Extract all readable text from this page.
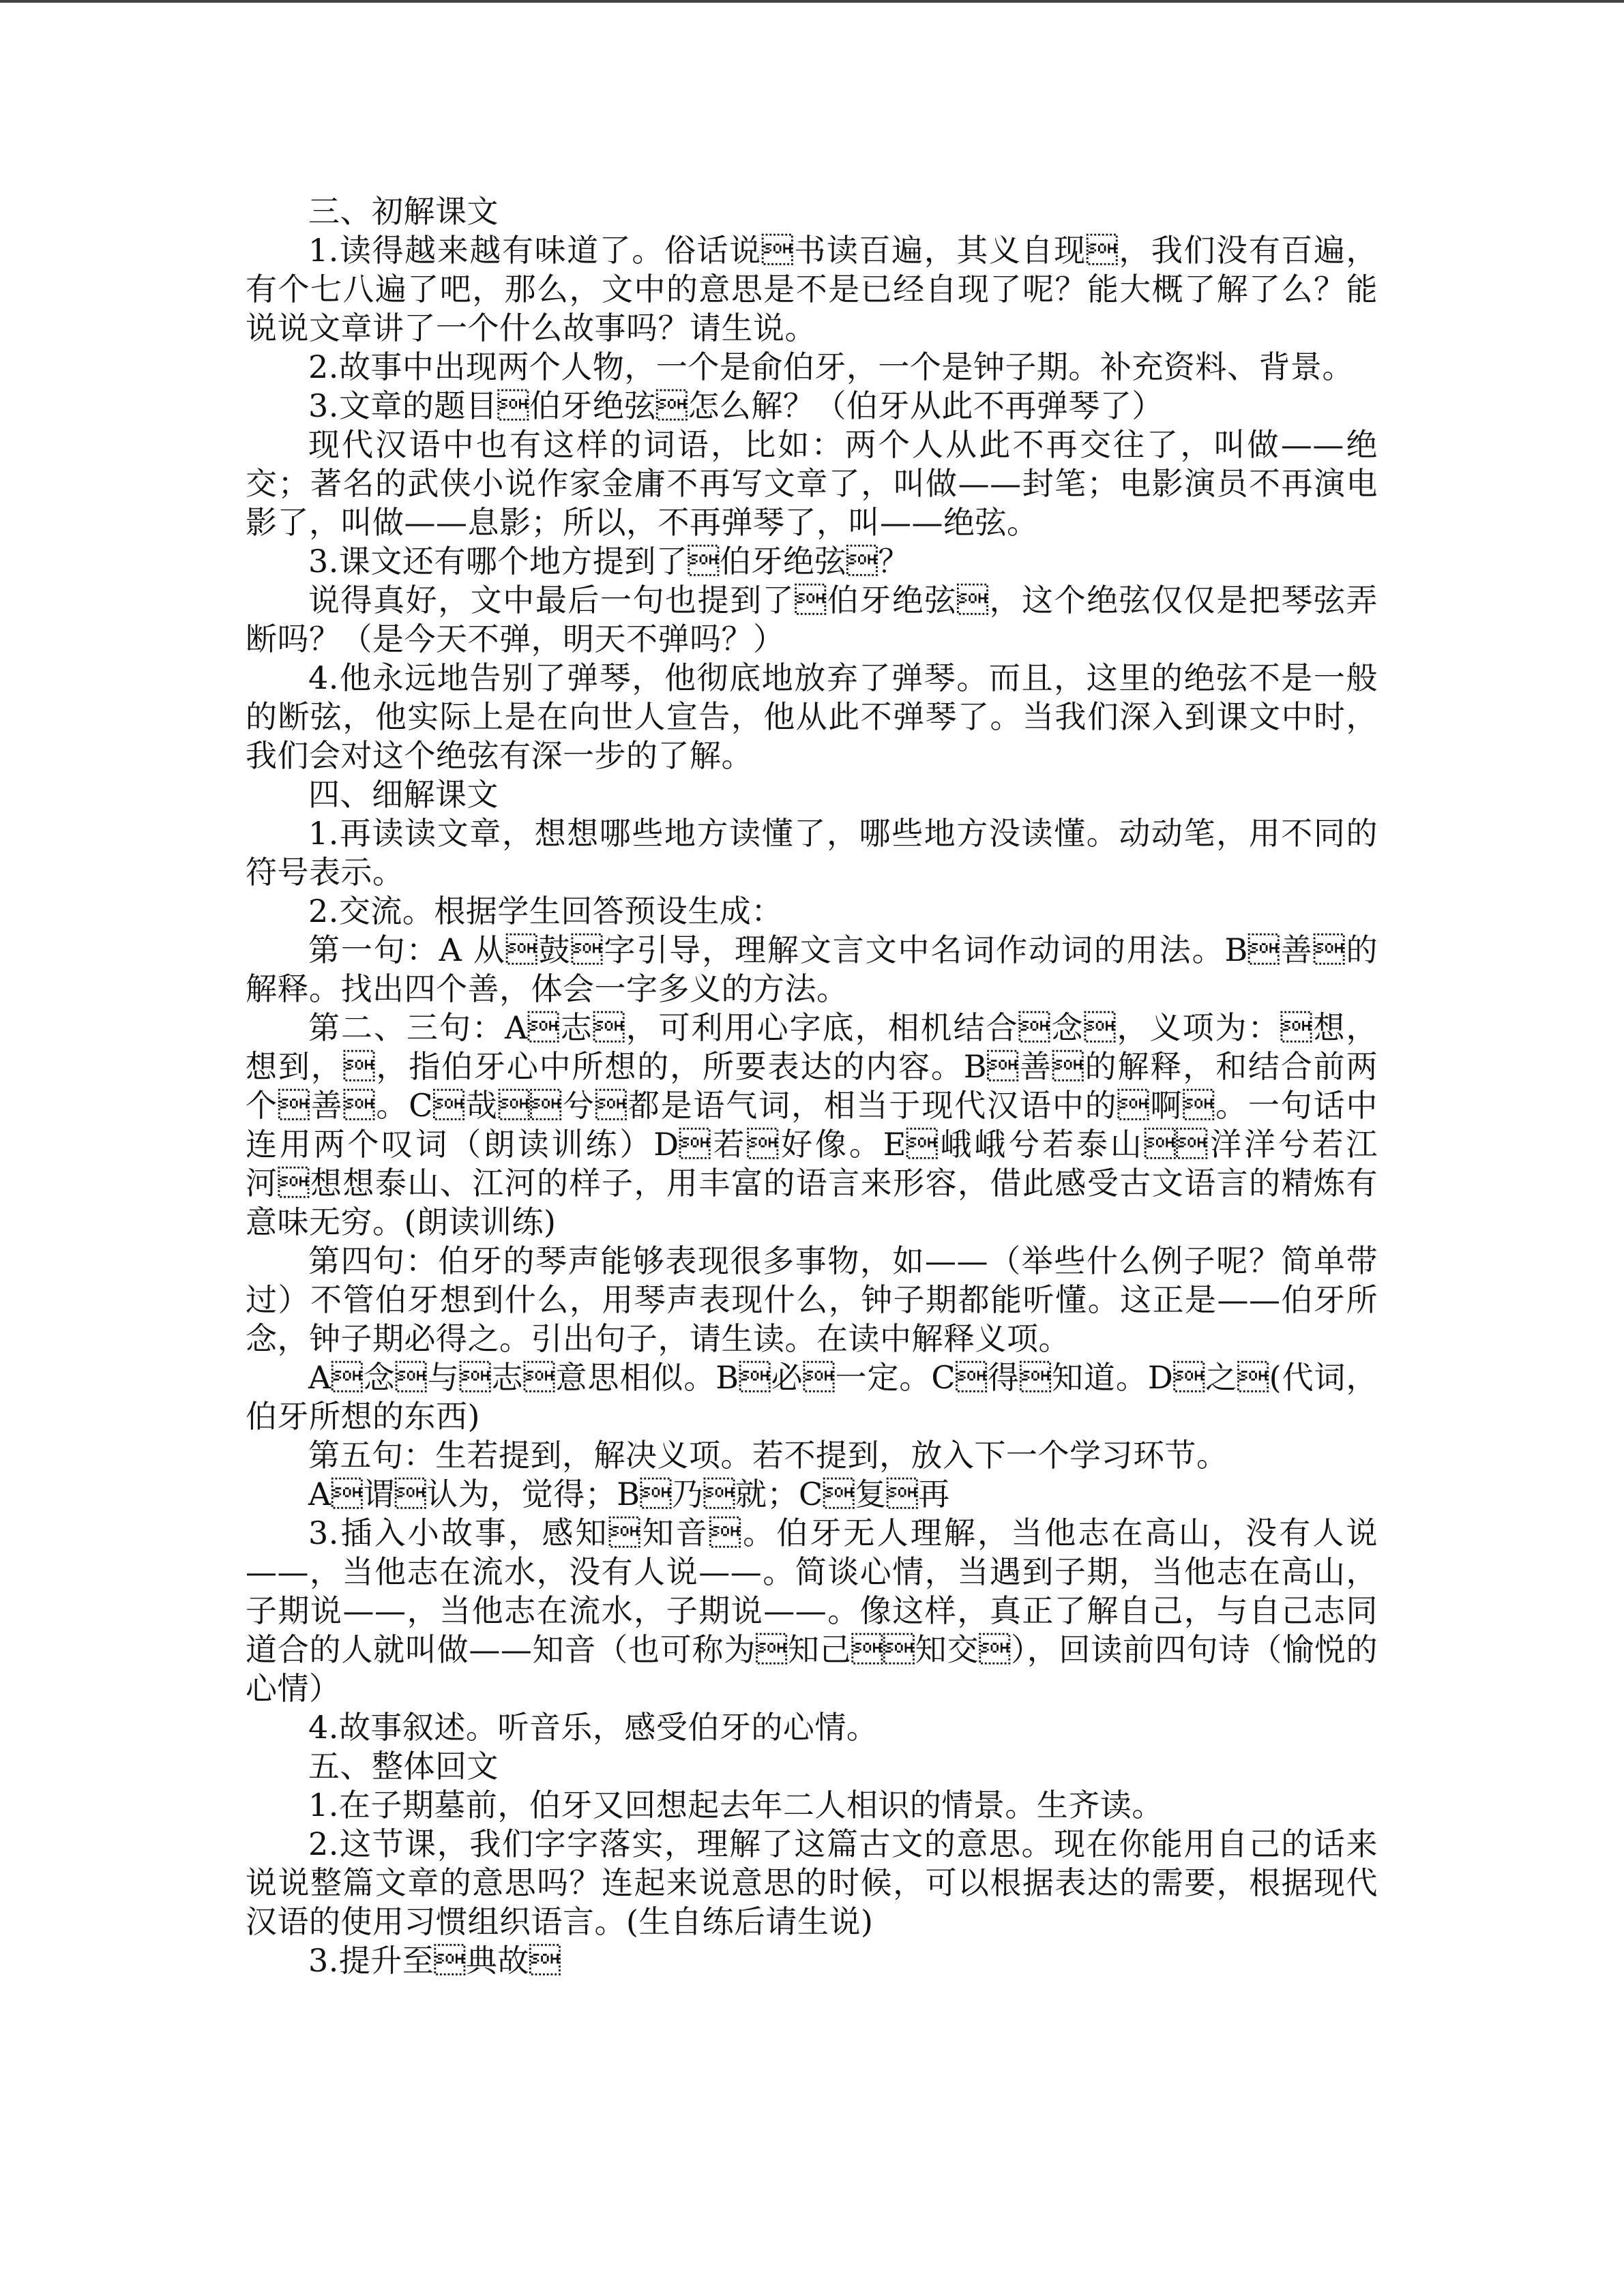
三、初解课文

1.读得越来越有味道了。俗话说书读百遍，其义自现，我们没有百遍，有个七八遍了吧，那么，文中的意思是不是已经自现了呢？能大概了解了么？能说说文章讲了一个什么故事吗？请生说。

2.故事中出现两个人物，一个是俞伯牙，一个是钟子期。补充资料、背景。

3.文章的题目伯牙绝弦怎么解？（伯牙从此不再弹琴了）

现代汉语中也有这样的词语，比如：两个人从此不再交往了，叫做——绝交；著名的武侠小说作家金庸不再写文章了，叫做——封笔；电影演员不再演电影了，叫做——息影；所以，不再弹琴了，叫——绝弦。

3.课文还有哪个地方提到了伯牙绝弦？

说得真好，文中最后一句也提到了伯牙绝弦，这个绝弦仅仅是把琴弦弄断吗？（是今天不弹，明天不弹吗？）

4.他永远地告别了弹琴，他彻底地放弃了弹琴。而且，这里的绝弦不是一般的断弦，他实际上是在向世人宣告，他从此不弹琴了。当我们深入到课文中时，我们会对这个绝弦有深一步的了解。

四、细解课文

1.再读读文章，想想哪些地方读懂了，哪些地方没读懂。动动笔，用不同的符号表示。

2.交流。根据学生回答预设生成：

第一句：A 从鼓字引导，理解文言文中名词作动词的用法。B善的解释。找出四个善，体会一字多义的方法。

第二、三句：A志，可利用心字底，相机结合念，义项为：想，想到，，指伯牙心中所想的，所要表达的内容。B善的解释，和结合前两个善。C哉兮都是语气词，相当于现代汉语中的啊。一句话中连用两个叹词（朗读训练）D若好像。E峨峨兮若泰山洋洋兮若江河想想泰山、江河的样子，用丰富的语言来形容，借此感受古文语言的精炼有意味无穷。(朗读训练)

第四句：伯牙的琴声能够表现很多事物，如——（举些什么例子呢？简单带过）不管伯牙想到什么，用琴声表现什么，钟子期都能听懂。这正是——伯牙所念，钟子期必得之。引出句子，请生读。在读中解释义项。

A念与志意思相似。B必一定。C得知道。D之(代词，伯牙所想的东西)

第五句：生若提到，解决义项。若不提到，放入下一个学习环节。

A谓认为，觉得；B乃就；C复再

3.插入小故事，感知知音。伯牙无人理解，当他志在高山，没有人说——，当他志在流水，没有人说——。简谈心情，当遇到子期，当他志在高山，子期说——，当他志在流水，子期说——。像这样，真正了解自己，与自己志同道合的人就叫做——知音（也可称为知己知交），回读前四句诗（愉悦的心情）

4.故事叙述。听音乐，感受伯牙的心情。

五、整体回文

1.在子期墓前，伯牙又回想起去年二人相识的情景。生齐读。

2.这节课，我们字字落实，理解了这篇古文的意思。现在你能用自己的话来说说整篇文章的意思吗？连起来说意思的时候，可以根据表达的需要，根据现代汉语的使用习惯组织语言。(生自练后请生说)

3.提升至典故
